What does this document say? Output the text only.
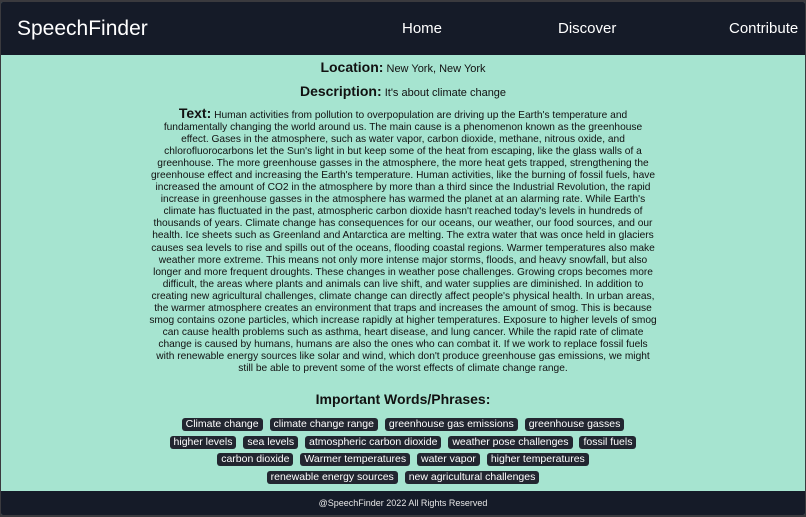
SpeechFinder	Home	Discover	Contribute
Location: New York, New York
Description: It's about climate change
Text: Human activities from pollution to overpopulation are driving up the Earth's temperature and fundamentally changing the world around us. The main cause is a phenomenon known as the greenhouse effect. Gases in the atmosphere, such as water vapor, carbon dioxide, methane, nitrous oxide, and chlorofluorocarbons let the Sun's light in but keep some of the heat from escaping, like the glass walls of a greenhouse. The more greenhouse gasses in the atmosphere, the more heat gets trapped, strengthening the greenhouse effect and increasing the Earth's temperature. Human activities, like the burning of fossil fuels, have increased the amount of CO2 in the atmosphere by more than a third since the Industrial Revolution, the rapid increase in greenhouse gasses in the atmosphere has warmed the planet at an alarming rate. While Earth's climate has fluctuated in the past, atmospheric carbon dioxide hasn't reached today's levels in hundreds of thousands of years. Climate change has consequences for our oceans, our weather, our food sources, and our health. Ice sheets such as Greenland and Antarctica are melting. The extra water that was once held in glaciers causes sea levels to rise and spills out of the oceans, flooding coastal regions. Warmer temperatures also make weather more extreme. This means not only more intense major storms, floods, and heavy snowfall, but also longer and more frequent droughts. These changes in weather pose challenges. Growing crops becomes more difficult, the areas where plants and animals can live shift, and water supplies are diminished. In addition to creating new agricultural challenges, climate change can directly affect people's physical health. In urban areas, the warmer atmosphere creates an environment that traps and increases the amount of smog. This is because smog contains ozone particles, which increase rapidly at higher temperatures. Exposure to higher levels of smog can cause health problems such as asthma, heart disease, and lung cancer. While the rapid rate of climate change is caused by humans, humans are also the ones who can combat it. If we work to replace fossil fuels with renewable energy sources like solar and wind, which don't produce greenhouse gas emissions, we might still be able to prevent some of the worst effects of climate change range.
Important Words/Phrases:
Climate change climate change range greenhouse gas emissions greenhouse gasses higher levels sea levels atmospheric carbon dioxide weather pose challenges fossil fuels carbon dioxide Warmer temperatures water vapor higher temperatures renewable energy sources new agricultural challenges
@SpeechFinder 2022 All Rights Reserved
